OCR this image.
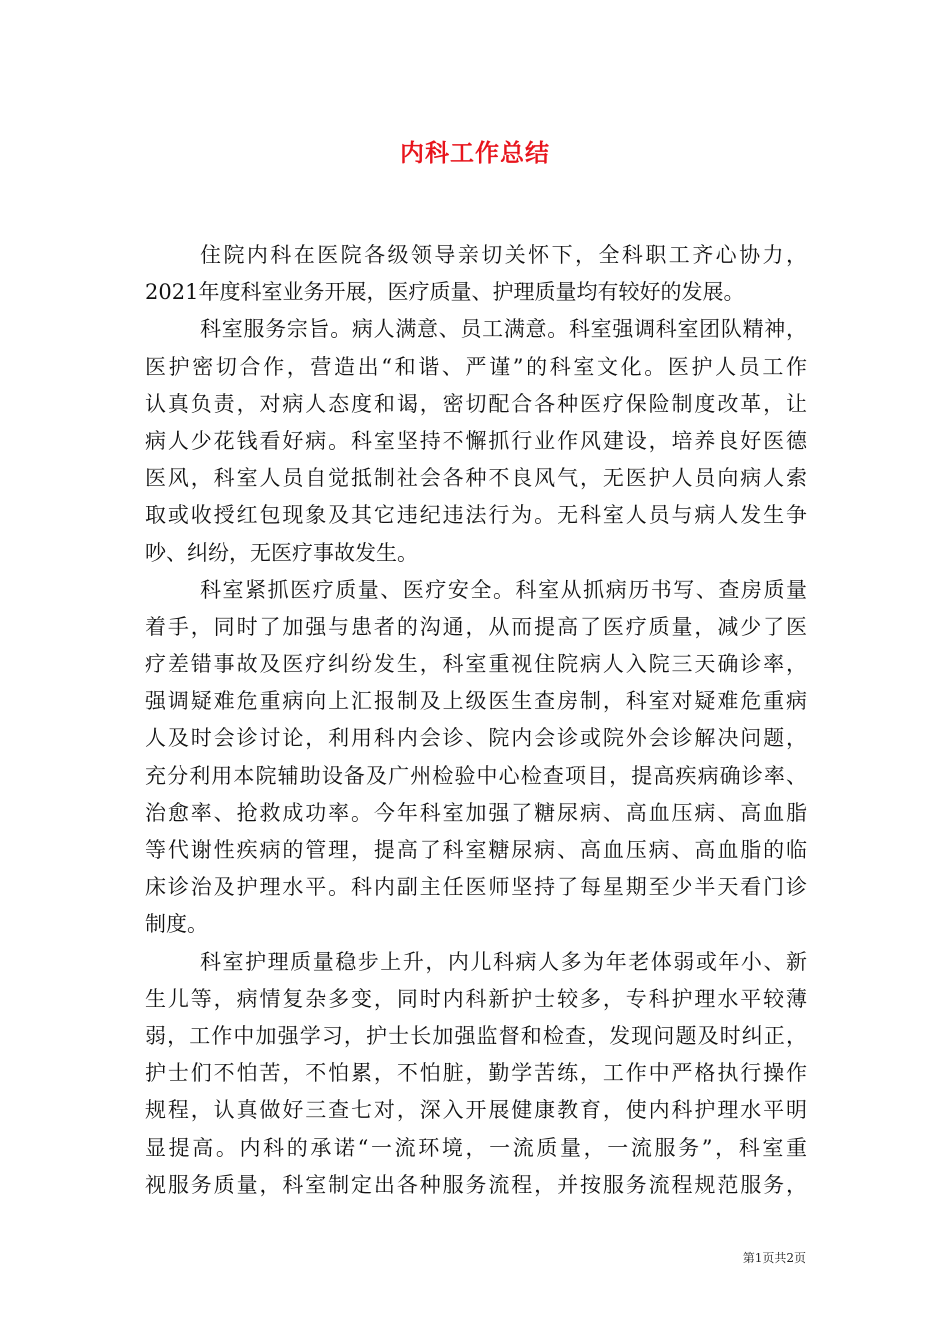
内科工作总结
住院内科在医院各级领导亲切关怀下，全科职工齐心协力，
2021年度科室业务开展，医疗质量、护理质量均有较好的发展。
科室服务宗旨。病人满意、员工满意。科室强调科室团队精神，
医护密切合作，营造出“和谐、严谨”的科室文化。医护人员工作
认真负责，对病人态度和谒，密切配合各种医疗保险制度改革，让
病人少花钱看好病。科室坚持不懈抓行业作风建设，培养良好医德
医风，科室人员自觉抵制社会各种不良风气，无医护人员向病人索
取或收授红包现象及其它违纪违法行为。无科室人员与病人发生争
吵、纠纷，无医疗事故发生。
科室紧抓医疗质量、医疗安全。科室从抓病历书写、查房质量
着手，同时了加强与患者的沟通，从而提高了医疗质量，减少了医
疗差错事故及医疗纠纷发生，科室重视住院病人入院三天确诊率，
强调疑难危重病向上汇报制及上级医生查房制，科室对疑难危重病
人及时会诊讨论，利用科内会诊、院内会诊或院外会诊解决问题，
充分利用本院辅助设备及广州检验中心检查项目，提高疾病确诊率、
治愈率、抢救成功率。今年科室加强了糖尿病、高血压病、高血脂
等代谢性疾病的管理，提高了科室糖尿病、高血压病、高血脂的临
床诊治及护理水平。科内副主任医师坚持了每星期至少半天看门诊
制度。
科室护理质量稳步上升，内儿科病人多为年老体弱或年小、新
生儿等，病情复杂多变，同时内科新护士较多，专科护理水平较薄
弱，工作中加强学习，护士长加强监督和检查，发现问题及时纠正，
护士们不怕苦，不怕累，不怕脏，勤学苦练，工作中严格执行操作
规程，认真做好三查七对，深入开展健康教育，使内科护理水平明
显提高。内科的承诺“一流环境，一流质量，一流服务”，科室重
视服务质量，科室制定出各种服务流程，并按服务流程规范服务，
第1页共2页
